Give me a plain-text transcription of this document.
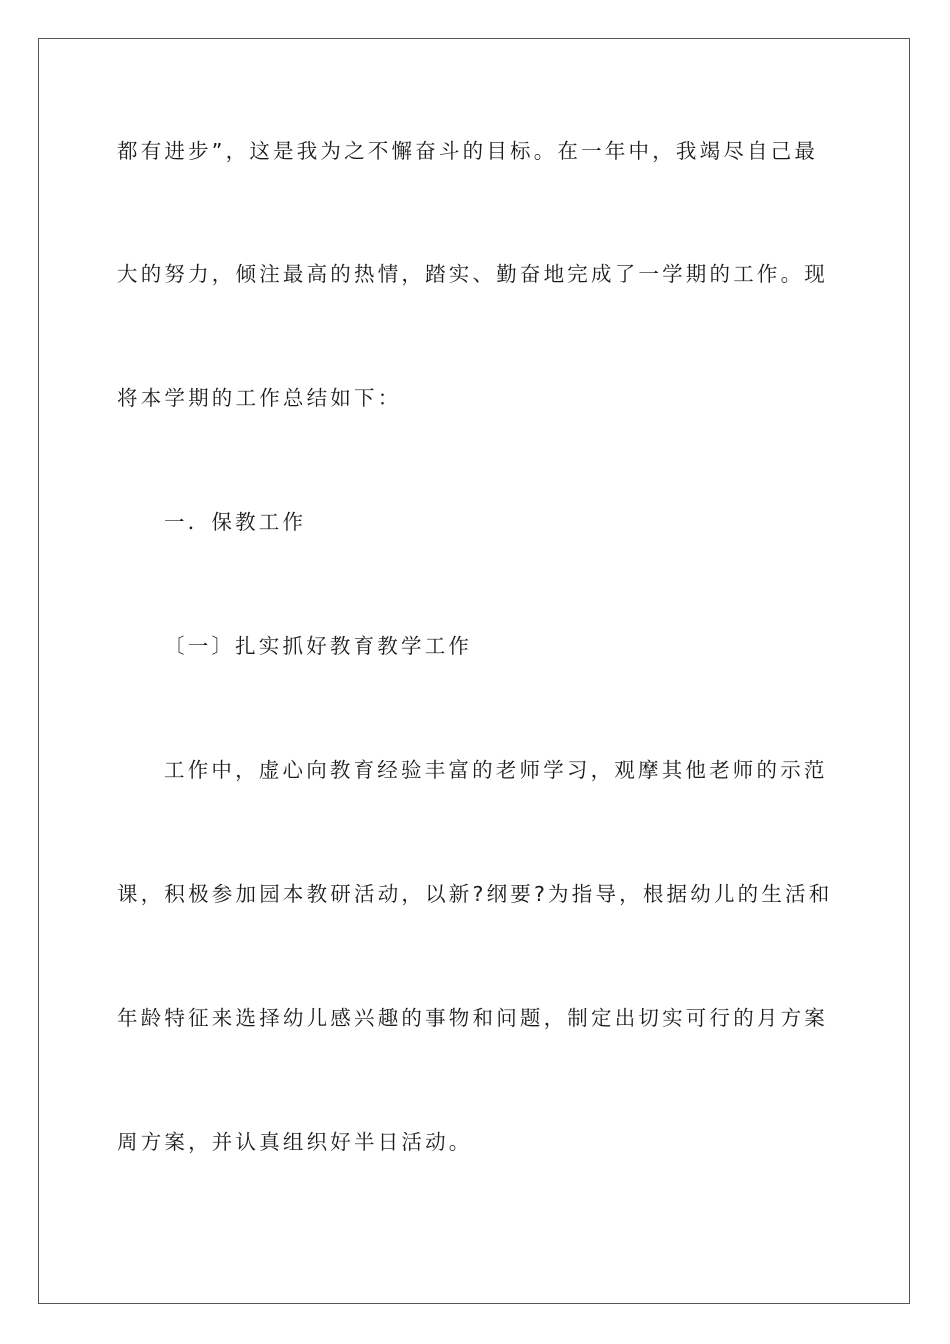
都有进步”，这是我为之不懈奋斗的目标。在一年中，我竭尽自己最
大的努力，倾注最高的热情，踏实、勤奋地完成了一学期的工作。现
将本学期的工作总结如下：
一．保教工作
〔一〕扎实抓好教育教学工作
工作中，虚心向教育经验丰富的老师学习，观摩其他老师的示范
课，积极参加园本教研活动，以新?纲要?为指导，根据幼儿的生活和
年龄特征来选择幼儿感兴趣的事物和问题，制定出切实可行的月方案
周方案，并认真组织好半日活动。
